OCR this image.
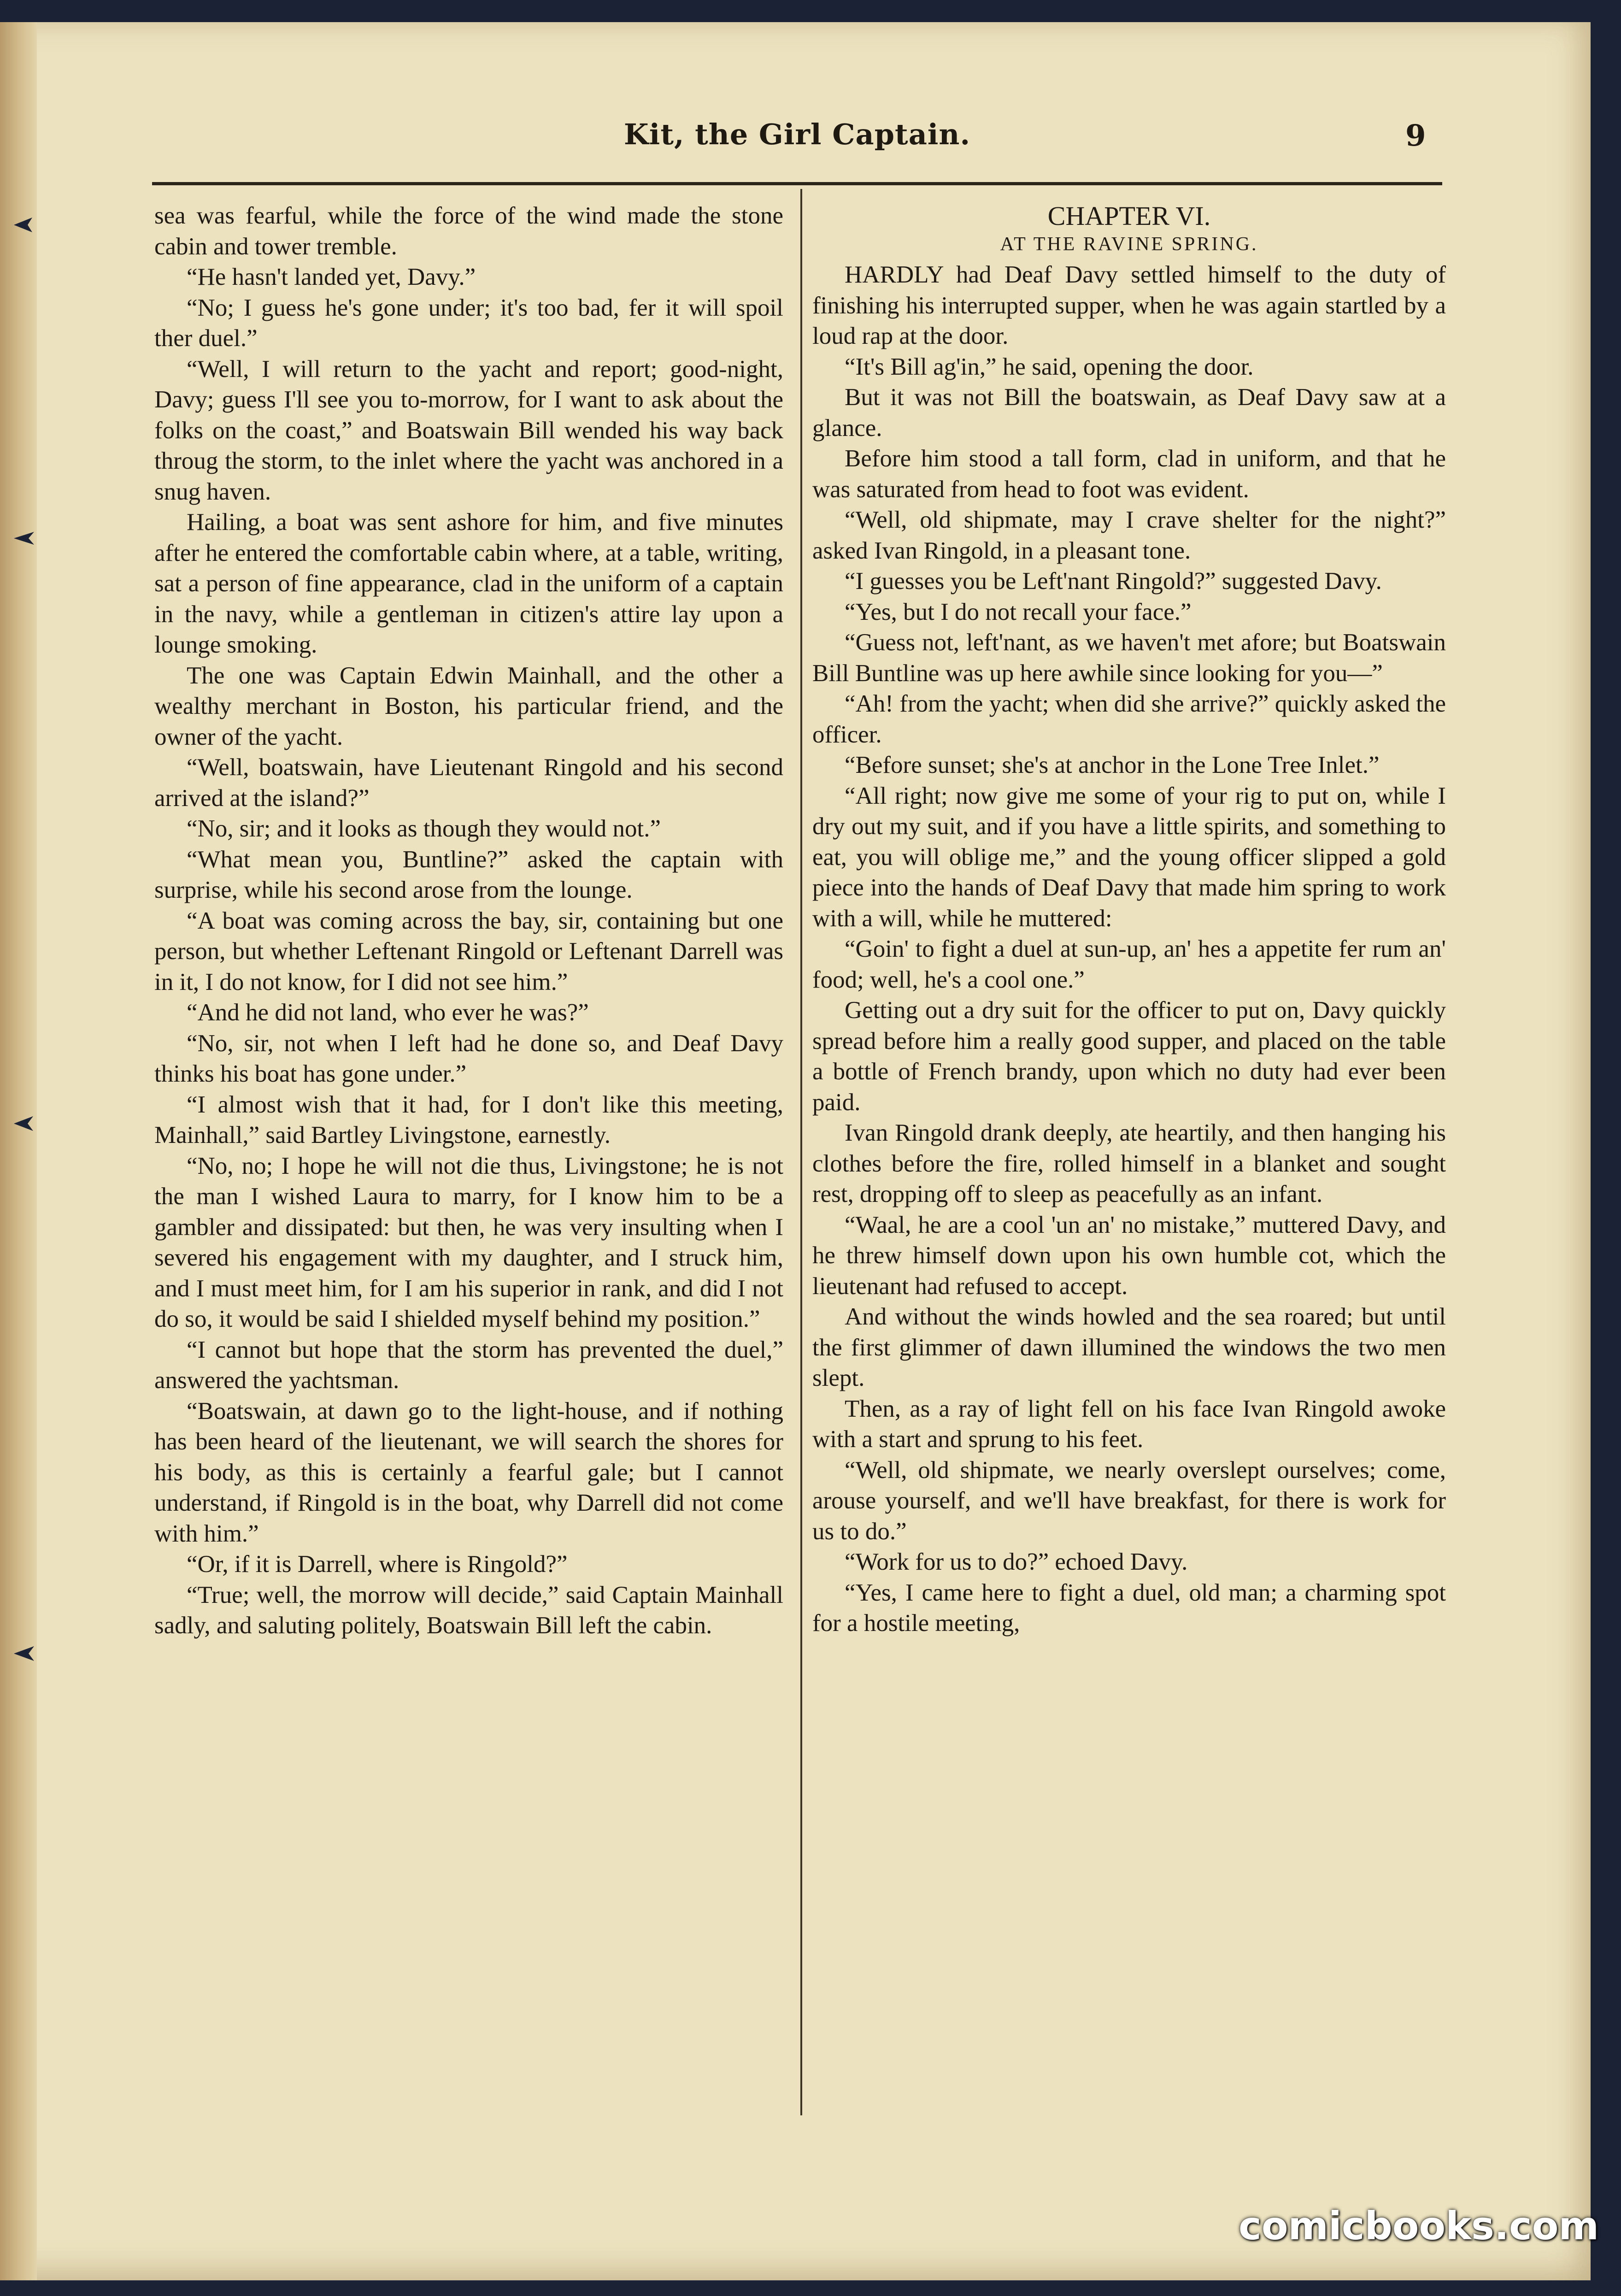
Kit, the Girl Captain.	9

sea was fearful, while the force of the wind made the stone cabin and tower tremble.

“He hasn't landed yet, Davy.”

“No; I guess he's gone under; it's too bad, fer it will spoil ther duel.”

“Well, I will return to the yacht and report; good-night, Davy; guess I'll see you to-morrow, for I want to ask about the folks on the coast,” and Boatswain Bill wended his way back throug the storm, to the inlet where the yacht was anchored in a snug haven.

Hailing, a boat was sent ashore for him, and five minutes after he entered the comfortable cabin where, at a table, writing, sat a person of fine appearance, clad in the uniform of a captain in the navy, while a gentleman in citizen's attire lay upon a lounge smoking.

The one was Captain Edwin Mainhall, and the other a wealthy merchant in Boston, his particular friend, and the owner of the yacht.

“Well, boatswain, have Lieutenant Ringold and his second arrived at the island?”

“No, sir; and it looks as though they would not.”

“What mean you, Buntline?” asked the captain with surprise, while his second arose from the lounge.

“A boat was coming across the bay, sir, containing but one person, but whether Leftenant Ringold or Leftenant Darrell was in it, I do not know, for I did not see him.”

“And he did not land, who ever he was?”

“No, sir, not when I left had he done so, and Deaf Davy thinks his boat has gone under.”

“I almost wish that it had, for I don't like this meeting, Mainhall,” said Bartley Livingstone, earnestly.

“No, no; I hope he will not die thus, Livingstone; he is not the man I wished Laura to marry, for I know him to be a gambler and dissipated: but then, he was very insulting when I severed his engagement with my daughter, and I struck him, and I must meet him, for I am his superior in rank, and did I not do so, it would be said I shielded myself behind my position.”

“I cannot but hope that the storm has prevented the duel,” answered the yachtsman.

“Boatswain, at dawn go to the light-house, and if nothing has been heard of the lieutenant, we will search the shores for his body, as this is certainly a fearful gale; but I cannot understand, if Ringold is in the boat, why Darrell did not come with him.”

“Or, if it is Darrell, where is Ringold?”

“True; well, the morrow will decide,” said Captain Mainhall sadly, and saluting politely, Boatswain Bill left the cabin.

CHAPTER VI.
AT THE RAVINE SPRING.

HARDLY had Deaf Davy settled himself to the duty of finishing his interrupted supper, when he was again startled by a loud rap at the door.

“It's Bill ag'in,” he said, opening the door.

But it was not Bill the boatswain, as Deaf Davy saw at a glance.

Before him stood a tall form, clad in uniform, and that he was saturated from head to foot was evident.

“Well, old shipmate, may I crave shelter for the night?” asked Ivan Ringold, in a pleasant tone.

“I guesses you be Left'nant Ringold?” suggested Davy.

“Yes, but I do not recall your face.”

“Guess not, left'nant, as we haven't met afore; but Boatswain Bill Buntline was up here awhile since looking for you—”

“Ah! from the yacht; when did she arrive?” quickly asked the officer.

“Before sunset; she's at anchor in the Lone Tree Inlet.”

“All right; now give me some of your rig to put on, while I dry out my suit, and if you have a little spirits, and something to eat, you will oblige me,” and the young officer slipped a gold piece into the hands of Deaf Davy that made him spring to work with a will, while he muttered:

“Goin' to fight a duel at sun-up, an' hes a appetite fer rum an' food; well, he's a cool one.”

Getting out a dry suit for the officer to put on, Davy quickly spread before him a really good supper, and placed on the table a bottle of French brandy, upon which no duty had ever been paid.

Ivan Ringold drank deeply, ate heartily, and then hanging his clothes before the fire, rolled himself in a blanket and sought rest, dropping off to sleep as peacefully as an infant.

“Waal, he are a cool 'un an' no mistake,” muttered Davy, and he threw himself down upon his own humble cot, which the lieutenant had refused to accept.

And without the winds howled and the sea roared; but until the first glimmer of dawn illumined the windows the two men slept.

Then, as a ray of light fell on his face Ivan Ringold awoke with a start and sprung to his feet.

“Well, old shipmate, we nearly overslept ourselves; come, arouse yourself, and we'll have breakfast, for there is work for us to do.”

“Work for us to do?” echoed Davy.

“Yes, I came here to fight a duel, old man; a charming spot for a hostile meeting,

comicbooks.com
